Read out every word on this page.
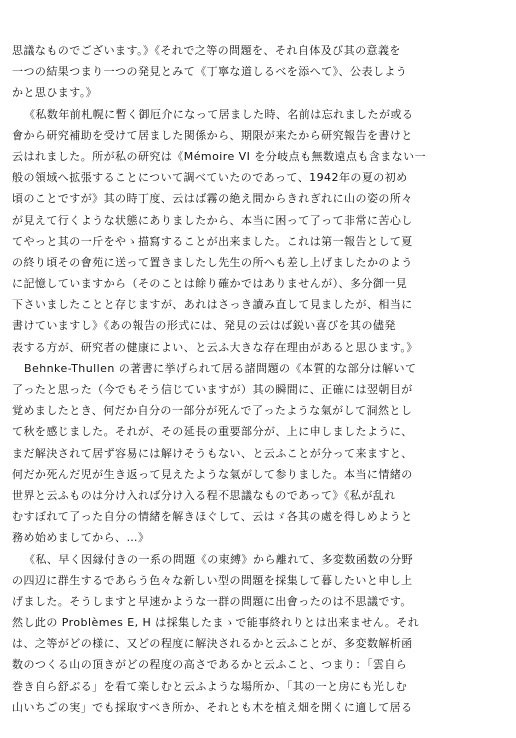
思議なものでございます。》《それで之等の問題を、それ自体及び其の意義を
一つの結果つまり一つの発見とみて《丁寧な道しるべを添へて》、公表しよう
かと思ひます。》
《私数年前札幌に暫く御厄介になって居ました時、名前は忘れましたが或る
會から研究補助を受けて居ました関係から、期限が来たから研究報告を書けと
云はれました。所が私の研究は《Mémoire VI を分岐点も無数遠点も含まない一
般の領域へ拡張することについて調べていたのであって、1942年の夏の初め
頃のことですが》其の時丁度、云はば霧の絶え間からきれぎれに山の姿の所々
が見えて行くような状態にありましたから、本当に困って了って非常に苦心し
てやっと其の一斤をやゝ描寫することが出来ました。これは第一報告として夏
の終り頃その會苑に送って置きましたし先生の所へも差し上げましたかのよう
に記憶していますから（そのことは餘り確かではありませんが）、多分御一見
下さいましたことと存じますが、あれはさっき讀み直して見ましたが、相当に
書けていますし》《あの報告の形式には、発見の云はば鋭い喜びを其の儘発
表する方が、研究者の健康によい、と云ふ大きな存在理由があると思ひます。》
Behnke-Thullen の著書に挙げられて居る諸問題の《本質的な部分は解いて
了ったと思った（今でもそう信じていますが）其の瞬間に、正確には翌朝目が
覚めましたとき、何だか自分の一部分が死んで了ったような氣がして洞然とし
て秋を感じました。それが、その延長の重要部分が、上に申しましたように、
まだ解決されて居ず容易には解けそうもない、と云ふことが分って来ますと、
何だか死んだ児が生き返って見えたような氣がして参りました。本当に情緒の
世界と云ふものは分け入れば分け入る程不思議なものであって》《私が乱れ
むすぼれて了った自分の情緒を解きほぐして、云はゞ各其の處を得しめようと
務め始めましてから、…》
《私、早く因縁付きの一系の問題《の束縛》から離れて、多変数函数の分野
の四辺に群生するであらう色々な新しい型の問題を採集して暮したいと申し上
げました。そうしますと早速かような一群の問題に出會ったのは不思議です。
然し此の Problèmes E, H は採集したまゝで能事終れりとは出来ません。それ
は、之等がどの様に、又どの程度に解決されるかと云ふことが、多変数解析函
数のつくる山の頂きがどの程度の高さであるかと云ふこと、つまり：「雲自ら
巻き自ら舒ぶる」を看て楽しむと云ふような場所か、「其の一と房にも光しむ
山いちごの実」でも採取すべき所か、それとも木を植え畑を開くに適して居る
